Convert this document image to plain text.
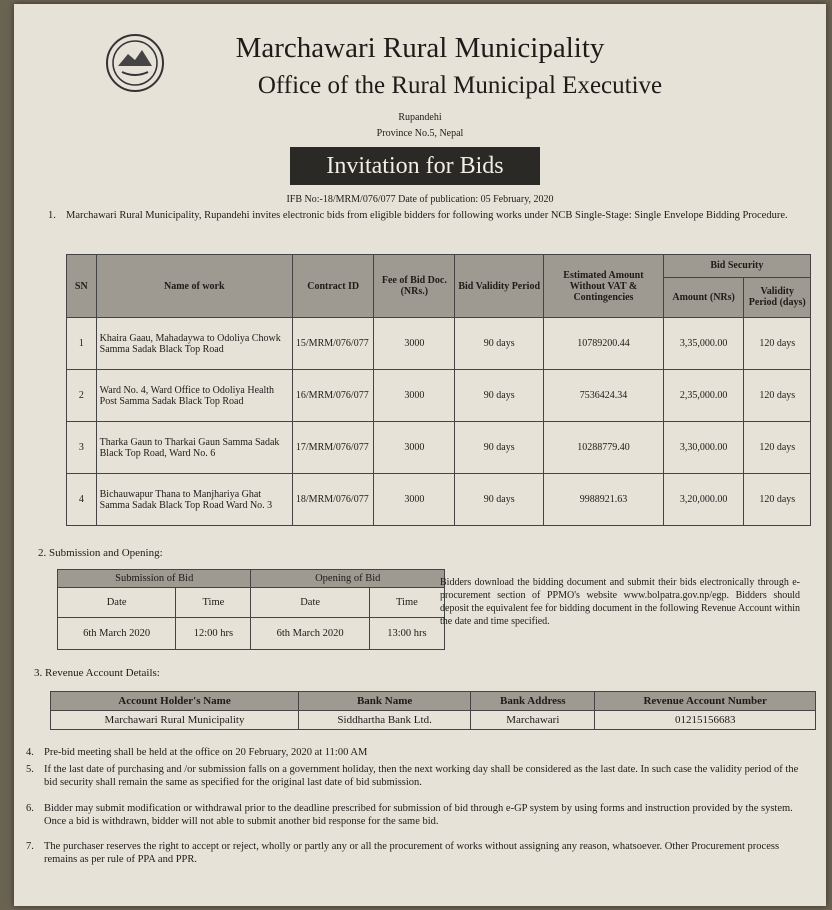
Marchawari Rural Municipality
Office of the Rural Municipal Executive
Rupandehi
Province No.5, Nepal
Invitation for Bids
IFB No:-18/MRM/076/077 Date of publication: 05 February, 2020
1. Marchawari Rural Municipality, Rupandehi invites electronic bids from eligible bidders for following works under NCB Single-Stage: Single Envelope Bidding Procedure.
SN	Name of work	Contract ID	Fee of Bid Doc. (NRs.)	Bid Validity Period	Estimated Amount Without VAT & Contingencies	Bid Security	
						Amount (NRs)	Validity Period (days)
1	Khaira Gaau, Mahadaywa to Odoliya Chowk Samma Sadak Black Top Road	15/MRM/076/077	3000	90 days	10789200.44	3,35,000.00	120 days
2	Ward No. 4, Ward Office to Odoliya Health Post Samma Sadak Black Top Road	16/MRM/076/077	3000	90 days	7536424.34	2,35,000.00	120 days
3	Tharka Gaun to Tharkai Gaun Samma Sadak Black Top Road, Ward No. 6	17/MRM/076/077	3000	90 days	10288779.40	3,30,000.00	120 days
4	Bichauwapur Thana to Manjhariya Ghat Samma Sadak Black Top Road Ward No. 3	18/MRM/076/077	3000	90 days	9988921.63	3,20,000.00	120 days
2. Submission and Opening:
Submission of Bid		Opening of Bid	
Date	Time	Date	Time
6th March 2020	12:00 hrs	6th March 2020	13:00 hrs
Bidders download the bidding document and submit their bids electronically through e-procurement section of PPMO's website www.bolpatra.gov.np/egp. Bidders should deposit the equivalent fee for bidding document in the following Revenue Account within the date and time specified.
3. Revenue Account Details:
Account Holder's Name	Bank Name	Bank Address	Revenue Account Number
Marchawari Rural Municipality	Siddhartha Bank Ltd.	Marchawari	01215156683
4. Pre-bid meeting shall be held at the office on 20 February, 2020 at 11:00 AM
5. If the last date of purchasing and /or submission falls on a government holiday, then the next working day shall be considered as the last date. In such case the validity period of the bid security shall remain the same as specified for the original last date of bid submission.
6. Bidder may submit modification or withdrawal prior to the deadline prescribed for submission of bid through e-GP system by using forms and instruction provided by the system. Once a bid is withdrawn, bidder will not able to submit another bid response for the same bid.
7. The purchaser reserves the right to accept or reject, wholly or partly any or all the procurement of works without assigning any reason, whatsoever. Other Procurement process remains as per rule of PPA and PPR.
